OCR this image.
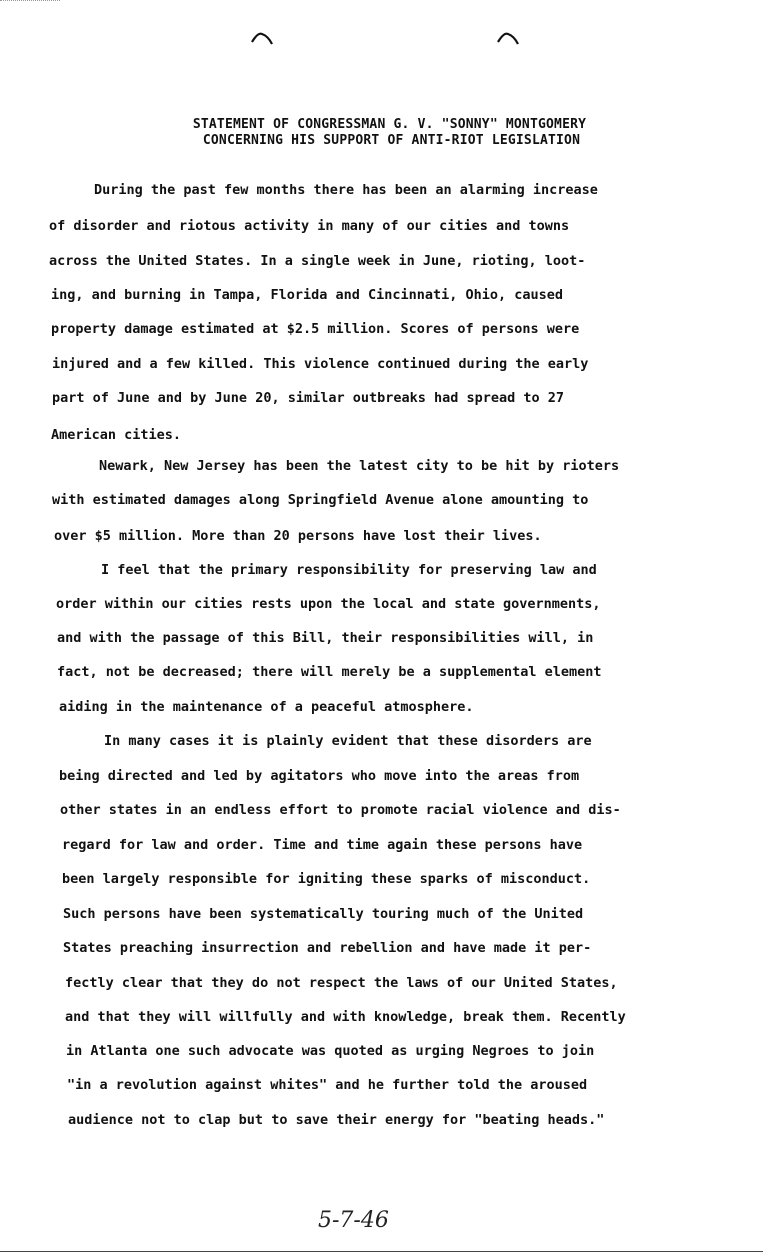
STATEMENT OF CONGRESSMAN G. V. "SONNY" MONTGOMERY
CONCERNING HIS SUPPORT OF ANTI-RIOT LEGISLATION
During the past few months there has been an alarming increase
of disorder and riotous activity in many of our cities and towns
across the United States. In a single week in June, rioting, loot-
ing, and burning in Tampa, Florida and Cincinnati, Ohio, caused
property damage estimated at $2.5 million. Scores of persons were
injured and a few killed. This violence continued during the early
part of June and by June 20, similar outbreaks had spread to 27
American cities.
Newark, New Jersey has been the latest city to be hit by rioters
with estimated damages along Springfield Avenue alone amounting to
over $5 million. More than 20 persons have lost their lives.
I feel that the primary responsibility for preserving law and
order within our cities rests upon the local and state governments,
and with the passage of this Bill, their responsibilities will, in
fact, not be decreased; there will merely be a supplemental element
aiding in the maintenance of a peaceful atmosphere.
In many cases it is plainly evident that these disorders are
being directed and led by agitators who move into the areas from
other states in an endless effort to promote racial violence and dis-
regard for law and order. Time and time again these persons have
been largely responsible for igniting these sparks of misconduct.
Such persons have been systematically touring much of the United
States preaching insurrection and rebellion and have made it per-
fectly clear that they do not respect the laws of our United States,
and that they will willfully and with knowledge, break them. Recently
in Atlanta one such advocate was quoted as urging Negroes to join
"in a revolution against whites" and he further told the aroused
audience not to clap but to save their energy for "beating heads."
5-7-46
